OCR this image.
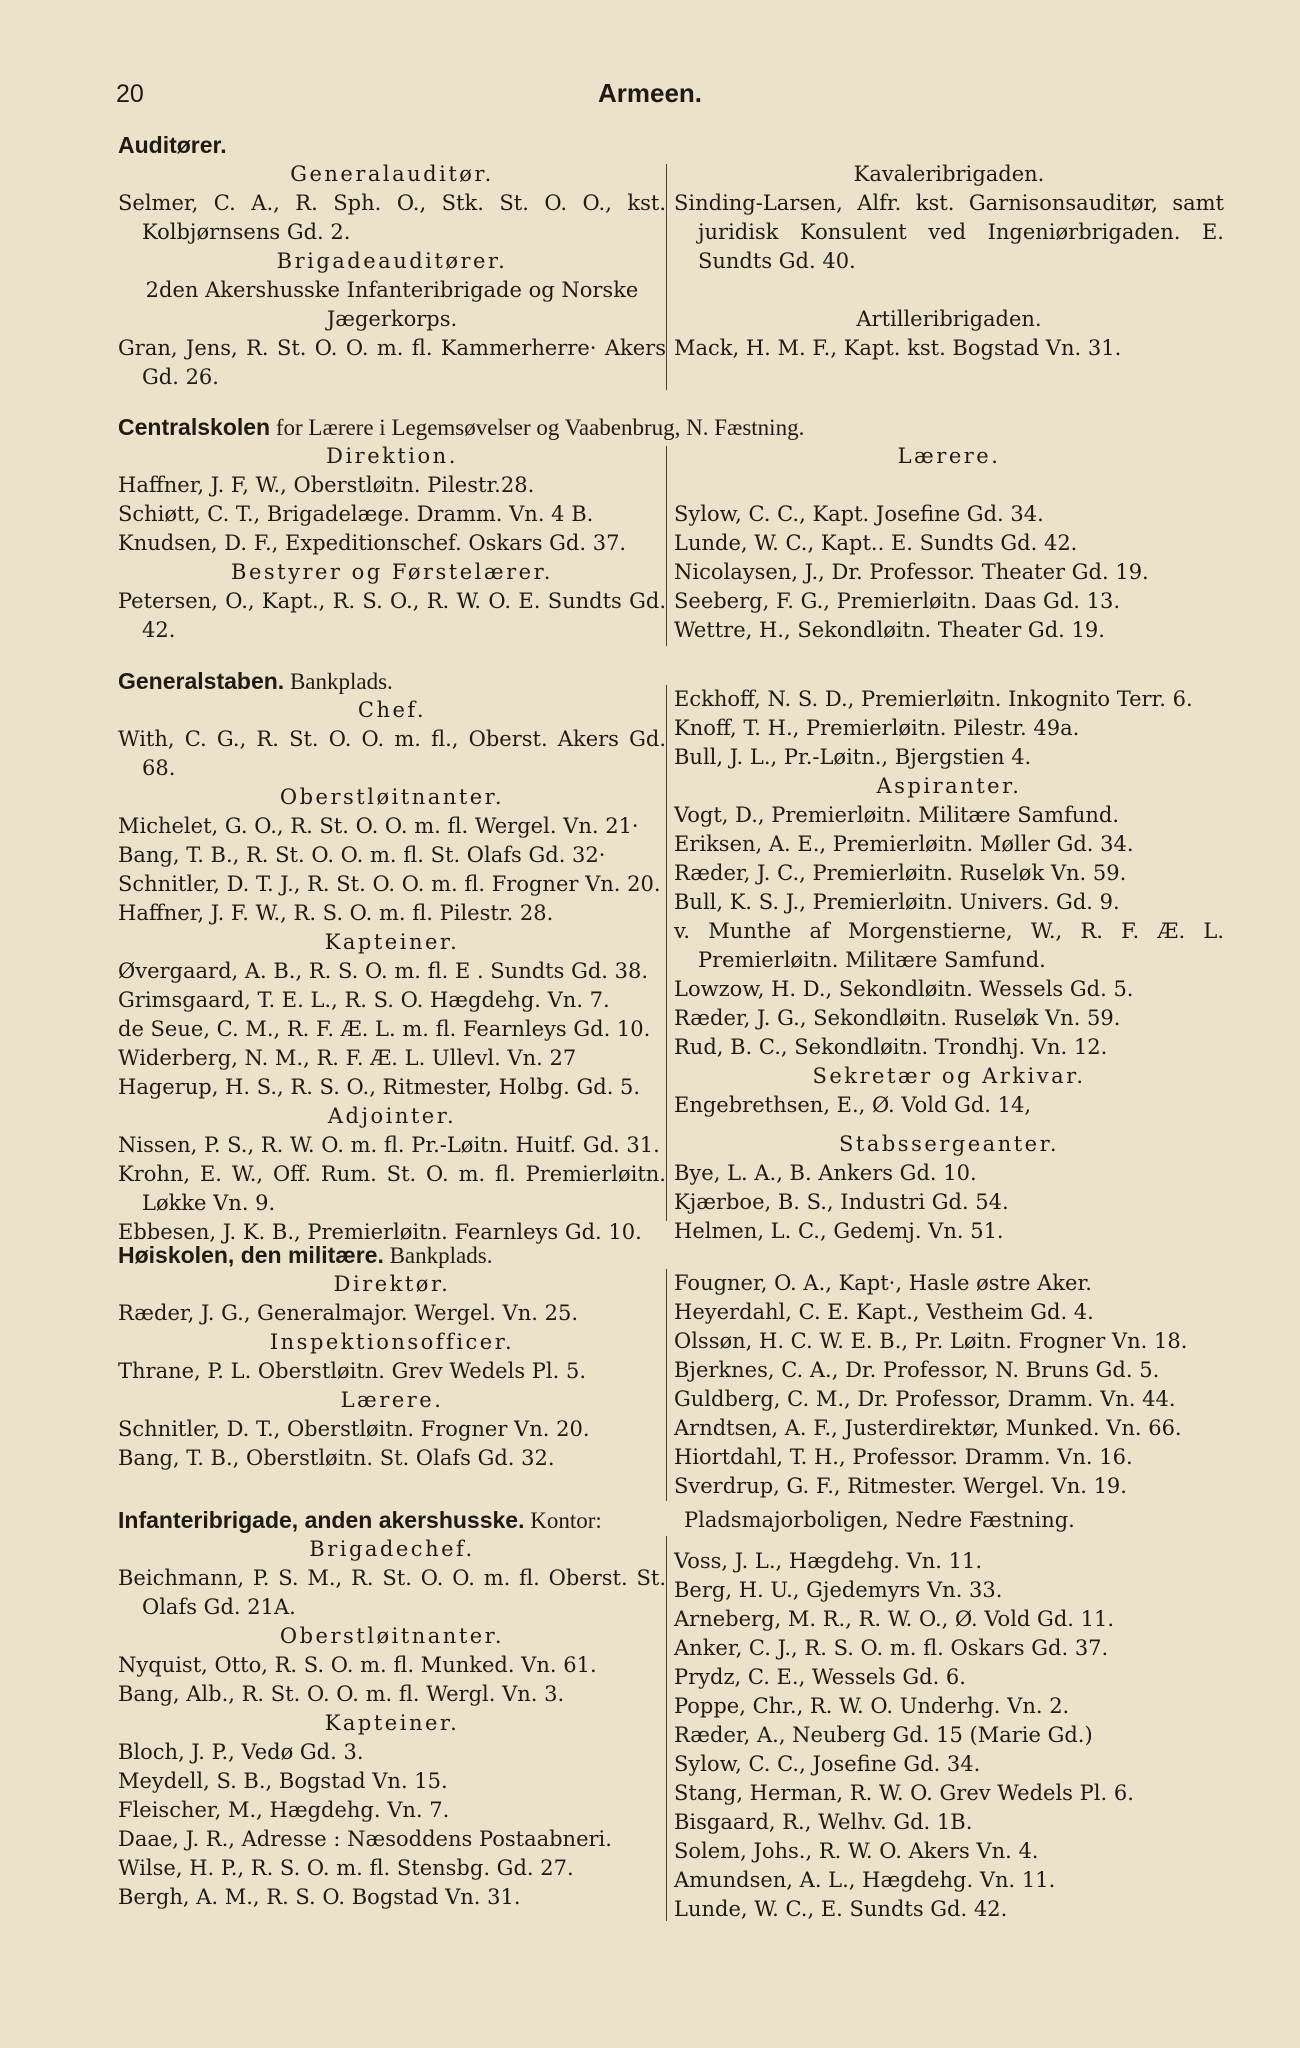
20	Armeen.
Auditører.
Generalauditør.
Selmer, C. A., R. Sph. O., Stk. St. O. O., kst. Kolbjørnsens Gd. 2.
Brigadeauditører.
2den Akershusske Infanteribrigade og Norske Jægerkorps.
Gran, Jens, R. St. O. O. m. fl. Kammerherre· Akers Gd. 26.
Kavaleribrigaden.
Sinding-Larsen, Alfr. kst. Garnisonsauditør, samt juridisk Konsulent ved Ingeniørbrigaden. E. Sundts Gd. 40.
Artilleribrigaden.
Mack, H. M. F., Kapt. kst. Bogstad Vn. 31.
Centralskolen for Lærere i Legemsøvelser og Vaabenbrug, N. Fæstning.
Direktion.
Haffner, J. F, W., Oberstløitn. Pilestr.28.
Schiøtt, C. T., Brigadelæge. Dramm. Vn. 4 B.
Knudsen, D. F., Expeditionschef. Oskars Gd. 37.
Bestyrer og Førstelærer.
Petersen, O., Kapt., R. S. O., R. W. O. E. Sundts Gd. 42.
Lærere.
Sylow, C. C., Kapt. Josefine Gd. 34.
Lunde, W. C., Kapt.. E. Sundts Gd. 42.
Nicolaysen, J., Dr. Professor. Theater Gd. 19.
Seeberg, F. G., Premierløitn. Daas Gd. 13.
Wettre, H., Sekondløitn. Theater Gd. 19.
Generalstaben. Bankplads.
Chef.
With, C. G., R. St. O. O. m. fl., Oberst. Akers Gd. 68.
Oberstløitnanter.
Michelet, G. O., R. St. O. O. m. fl. Wergel. Vn. 21·
Bang, T. B., R. St. O. O. m. fl. St. Olafs Gd. 32·
Schnitler, D. T. J., R. St. O. O. m. fl. Frogner Vn. 20.
Haffner, J. F. W., R. S. O. m. fl. Pilestr. 28.
Kapteiner.
Øvergaard, A. B., R. S. O. m. fl. E . Sundts Gd. 38.
Grimsgaard, T. E. L., R. S. O. Hægdehg. Vn. 7.
de Seue, C. M., R. F. Æ. L. m. fl. Fearnleys Gd. 10.
Widerberg, N. M., R. F. Æ. L. Ullevl. Vn. 27
Hagerup, H. S., R. S. O., Ritmester, Holbg. Gd. 5.
Adjointer.
Nissen, P. S., R. W. O. m. fl. Pr.-Løitn. Huitf. Gd. 31.
Krohn, E. W., Off. Rum. St. O. m. fl. Premierløitn. Løkke Vn. 9.
Ebbesen, J. K. B., Premierløitn. Fearnleys Gd. 10.
Eckhoff, N. S. D., Premierløitn. Inkognito Terr. 6.
Knoff, T. H., Premierløitn. Pilestr. 49a.
Bull, J. L., Pr.-Løitn., Bjergstien 4.
Aspiranter.
Vogt, D., Premierløitn. Militære Samfund.
Eriksen, A. E., Premierløitn. Møller Gd. 34.
Ræder, J. C., Premierløitn. Ruseløk Vn. 59.
Bull, K. S. J., Premierløitn. Univers. Gd. 9.
v. Munthe af Morgenstierne, W., R. F. Æ. L. Premierløitn. Militære Samfund.
Lowzow, H. D., Sekondløitn. Wessels Gd. 5.
Ræder, J. G., Sekondløitn. Ruseløk Vn. 59.
Rud, B. C., Sekondløitn. Trondhj. Vn. 12.
Sekretær og Arkivar.
Engebrethsen, E., Ø. Vold Gd. 14,
Stabssergeanter.
Bye, L. A., B. Ankers Gd. 10.
Kjærboe, B. S., Industri Gd. 54.
Helmen, L. C., Gedemj. Vn. 51.
Høiskolen, den militære. Bankplads.
Direktør.
Ræder, J. G., Generalmajor. Wergel. Vn. 25.
Inspektionsofficer.
Thrane, P. L. Oberstløitn. Grev Wedels Pl. 5.
Lærere.
Schnitler, D. T., Oberstløitn. Frogner Vn. 20.
Bang, T. B., Oberstløitn. St. Olafs Gd. 32.
Fougner, O. A., Kapt·, Hasle østre Aker.
Heyerdahl, C. E. Kapt., Vestheim Gd. 4.
Olssøn, H. C. W. E. B., Pr. Løitn. Frogner Vn. 18.
Bjerknes, C. A., Dr. Professor, N. Bruns Gd. 5.
Guldberg, C. M., Dr. Professor, Dramm. Vn. 44.
Arndtsen, A. F., Justerdirektør, Munked. Vn. 66.
Hiortdahl, T. H., Professor. Dramm. Vn. 16.
Sverdrup, G. F., Ritmester. Wergel. Vn. 19.
Infanteribrigade, anden akershusske. Kontor:
Brigadechef.
Beichmann, P. S. M., R. St. O. O. m. fl. Oberst. St. Olafs Gd. 21A.
Oberstløitnanter.
Nyquist, Otto, R. S. O. m. fl. Munked. Vn. 61.
Bang, Alb., R. St. O. O. m. fl. Wergl. Vn. 3.
Kapteiner.
Bloch, J. P., Vedø Gd. 3.
Meydell, S. B., Bogstad Vn. 15.
Fleischer, M., Hægdehg. Vn. 7.
Daae, J. R., Adresse : Næsoddens Postaabneri.
Wilse, H. P., R. S. O. m. fl. Stensbg. Gd. 27.
Bergh, A. M., R. S. O. Bogstad Vn. 31.
Pladsmajorboligen, Nedre Fæstning.
Voss, J. L., Hægdehg. Vn. 11.
Berg, H. U., Gjedemyrs Vn. 33.
Arneberg, M. R., R. W. O., Ø. Vold Gd. 11.
Anker, C. J., R. S. O. m. fl. Oskars Gd. 37.
Prydz, C. E., Wessels Gd. 6.
Poppe, Chr., R. W. O. Underhg. Vn. 2.
Ræder, A., Neuberg Gd. 15 (Marie Gd.)
Sylow, C. C., Josefine Gd. 34.
Stang, Herman, R. W. O. Grev Wedels Pl. 6.
Bisgaard, R., Welhv. Gd. 1B.
Solem, Johs., R. W. O. Akers Vn. 4.
Amundsen, A. L., Hægdehg. Vn. 11.
Lunde, W. C., E. Sundts Gd. 42.
